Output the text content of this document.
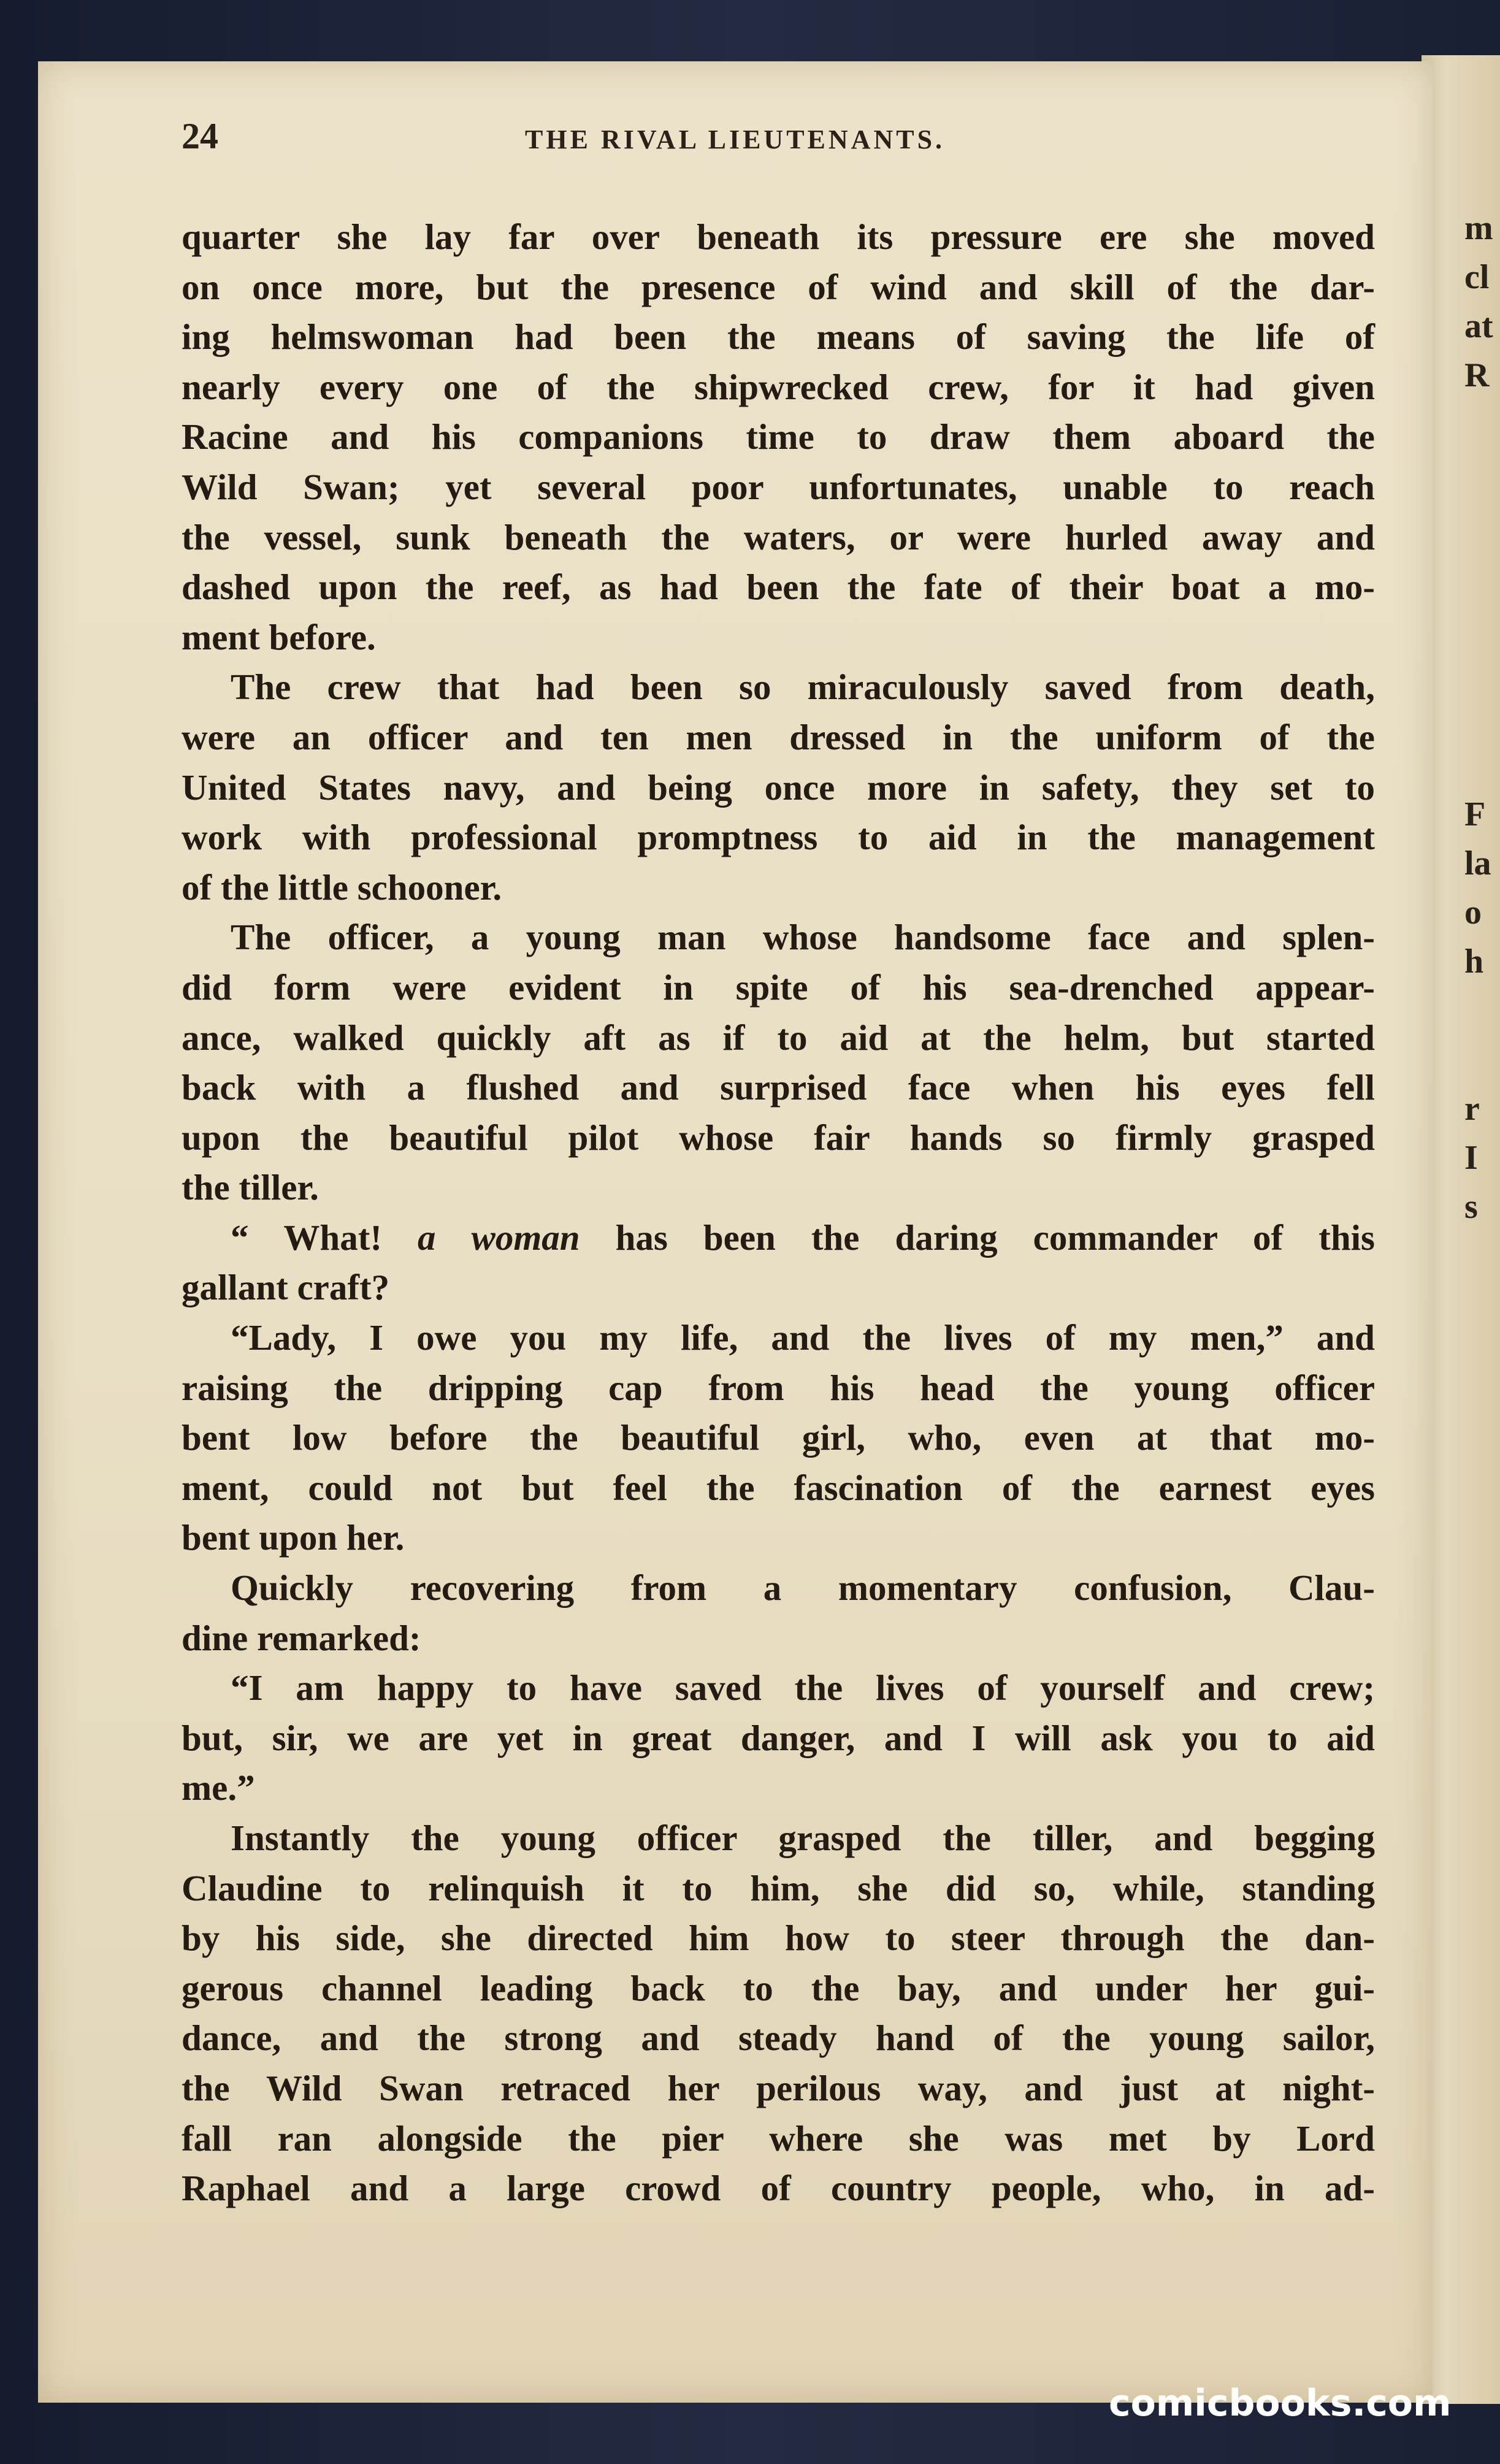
m
cl
at
R
F
la
o
h
r
I
s
24	THE RIVAL LIEUTENANTS.
quarter she lay far over beneath its pressure ere she moved
on once more, but the presence of wind and skill of the dar-
ing helmswoman had been the means of saving the life of
nearly every one of the shipwrecked crew, for it had given
Racine and his companions time to draw them aboard the
Wild Swan; yet several poor unfortunates, unable to reach
the vessel, sunk beneath the waters, or were hurled away and
dashed upon the reef, as had been the fate of their boat a mo-
ment before.
The crew that had been so miraculously saved from death,
were an officer and ten men dressed in the uniform of the
United States navy, and being once more in safety, they set to
work with professional promptness to aid in the management
of the little schooner.
The officer, a young man whose handsome face and splen-
did form were evident in spite of his sea-drenched appear-
ance, walked quickly aft as if to aid at the helm, but started
back with a flushed and surprised face when his eyes fell
upon the beautiful pilot whose fair hands so firmly grasped
the tiller.
“ What! a woman has been the daring commander of this
gallant craft?
“Lady, I owe you my life, and the lives of my men,” and
raising the dripping cap from his head the young officer
bent low before the beautiful girl, who, even at that mo-
ment, could not but feel the fascination of the earnest eyes
bent upon her.
Quickly recovering from a momentary confusion, Clau-
dine remarked:
“I am happy to have saved the lives of yourself and crew;
but, sir, we are yet in great danger, and I will ask you to aid
me.”
Instantly the young officer grasped the tiller, and begging
Claudine to relinquish it to him, she did so, while, standing
by his side, she directed him how to steer through the dan-
gerous channel leading back to the bay, and under her gui-
dance, and the strong and steady hand of the young sailor,
the Wild Swan retraced her perilous way, and just at night-
fall ran alongside the pier where she was met by Lord
Raphael and a large crowd of country people, who, in ad-
comicbooks.com
